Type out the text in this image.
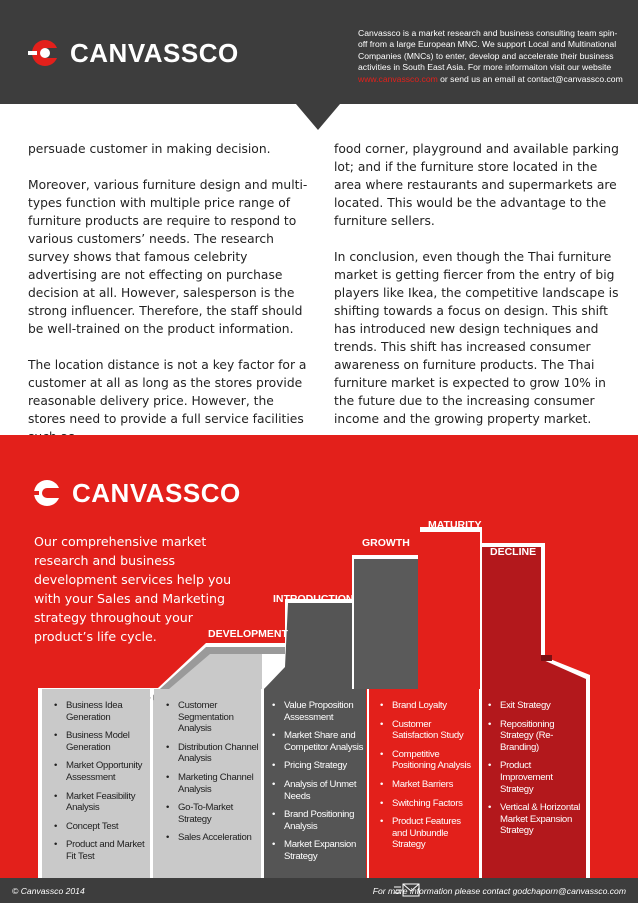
CANVASSCO
Canvassco is a market research and business consulting team spin-off from a large European MNC. We support Local and Multinational Companies (MNCs) to enter, develop and accelerate their business activities in South East Asia. For more informaiton visit our website www.canvassco.com or send us an email at contact@canvassco.com

persuade customer in making decision.

Moreover, various furniture design and multi-types function with multiple price range of furniture products are require to respond to various customers’ needs. The research survey shows that famous celebrity advertising are not effecting on purchase decision at all. However, salesperson is the strong influencer. Therefore, the staff should be well-trained on the product information.

The location distance is not a key factor for a customer at all as long as the stores provide reasonable delivery price. However, the stores need to provide a full service facilities

food corner, playground and available parking lot; and if the furniture store located in the area where restaurants and supermarkets are located. This would be the advantage to the furniture sellers.

In conclusion, even though the Thai furniture market is getting fiercer from the entry of big players like Ikea, the competitive landscape is shifting towards a focus on design. This shift has introduced new design techniques and trends. This shift has increased consumer awareness on furniture products. The Thai furniture market is expected to grow 10% in the future due to the increasing consumer income and the growing property market.

CANVASSCO
Our comprehensive market research and business development services help you with your Sales and Marketing strategy throughout your product’s life cycle.	DEVELOPMENT
INTRODUCTION
GROWTH
MATURITY
DECLINE
• Business Idea Generation
• Business Model Generation
• Market Opportunity Assessment
• Market Feasibility Analysis
• Concept Test
• Product and Market Fit Test
• Customer Segmentation Analysis
• Distribution Channel Analysis
• Marketing Channel Analysis
• Go-To-Market Strategy
• Sales Acceleration
• Value Proposition Assessment
• Market Share and Competitor Analysis
• Pricing Strategy
• Analysis of Unmet Needs
• Brand Positioning Analysis
• Market Expansion Strategy
• Brand Loyalty
• Customer Satisfaction Study
• Competitive Positioning Analysis
• Market Barriers
• Switching Factors
• Product Features and Unbundle Strategy
• Exit Strategy
• Repositioning Strategy (Re-Branding)
• Product Improvement Strategy
• Vertical & Horizontal Market Expansion Strategy
© Canvassco 2014	For more information please contact godchaporn@canvassco.com
